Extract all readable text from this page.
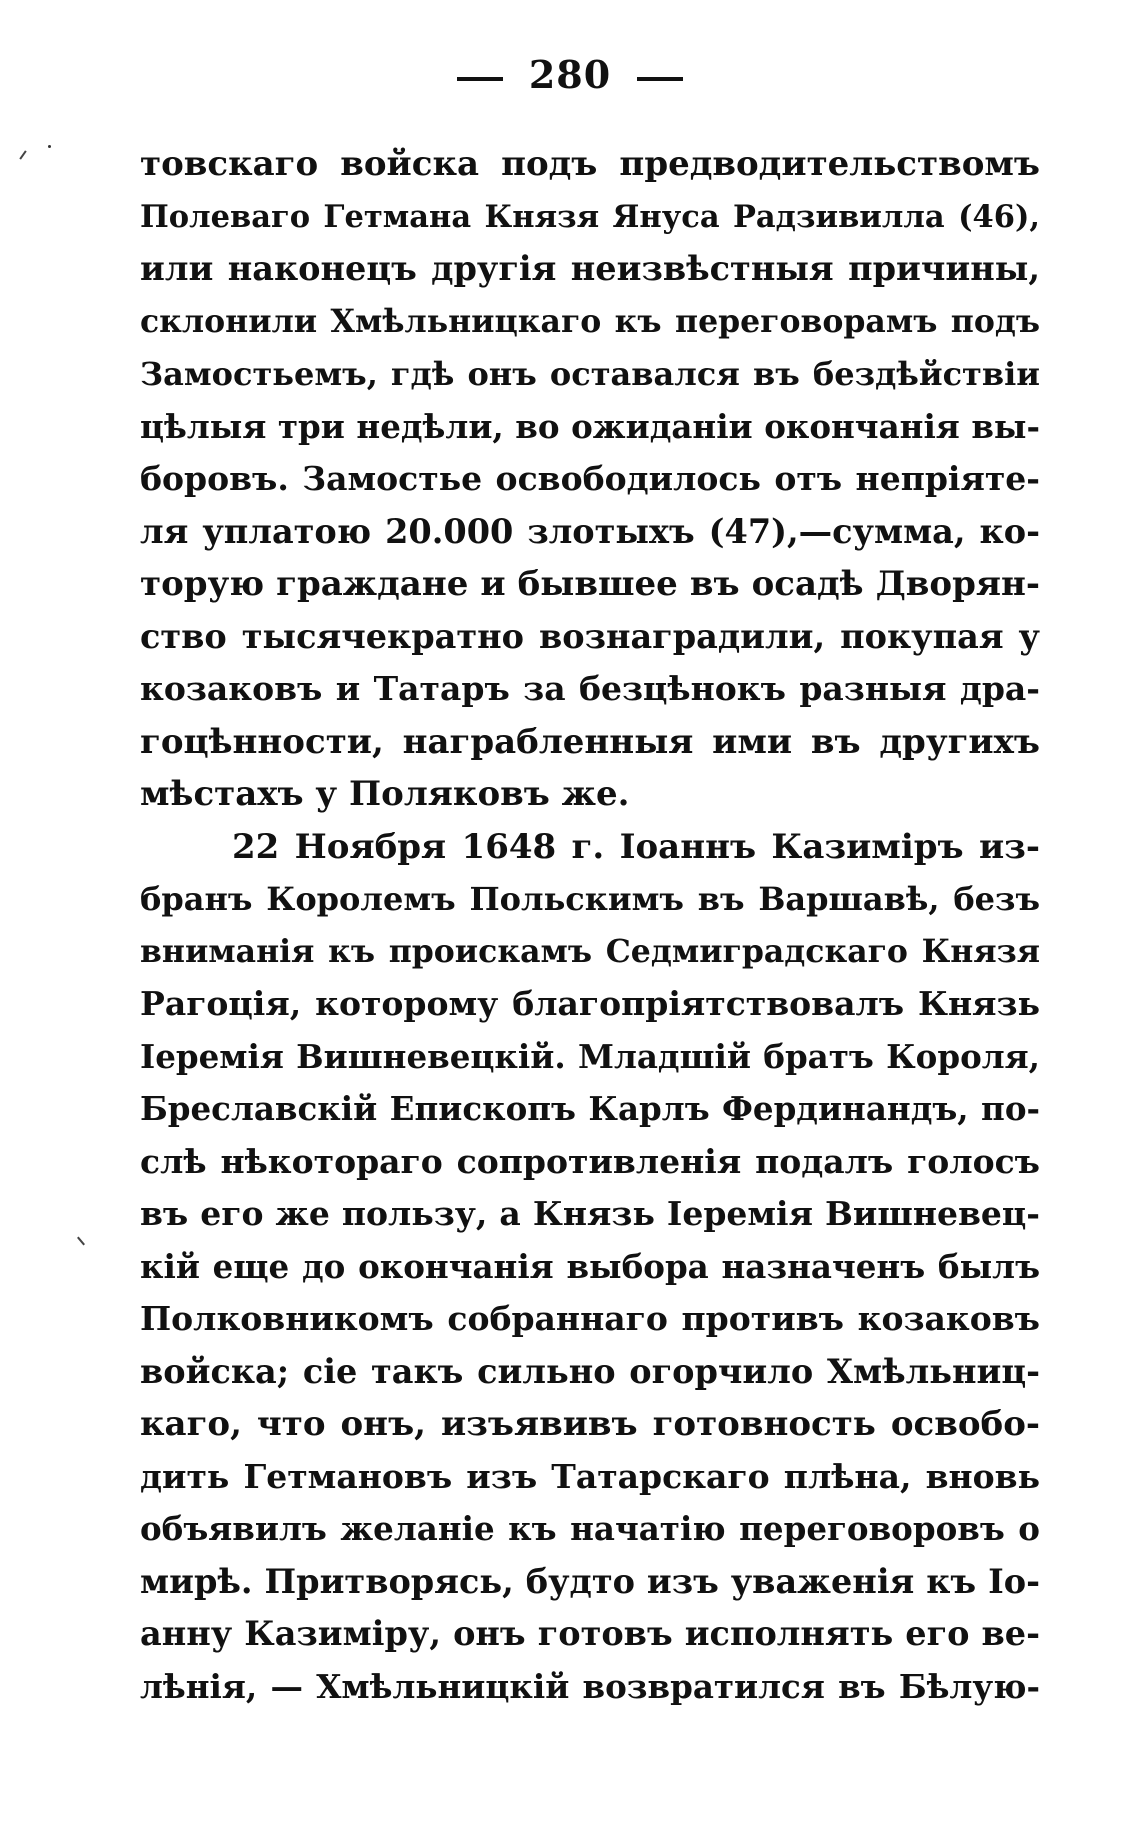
280
товскаго войска подъ предводительствомъ
Полеваго Гетмана Князя Януса Радзивилла (46),
или наконецъ другія неизвѣстныя причины,
склонили Хмѣльницкаго къ переговорамъ подъ
Замостьемъ, гдѣ онъ оставался въ бездѣйствіи
цѣлыя три недѣли, во ожиданіи окончанія вы-
боровъ. Замостье освободилось отъ непріяте-
ля уплатою 20.000 злотыхъ (47),—сумма, ко-
торую граждане и бывшее въ осадѣ Дворян-
ство тысячекратно вознаградили, покупая у
козаковъ и Татаръ за безцѣнокъ разныя дра-
гоцѣнности, награбленныя ими въ другихъ
мѣстахъ у Поляковъ же.
22 Ноября 1648 г. Іоаннъ Казиміръ из-
бранъ Королемъ Польскимъ въ Варшавѣ, безъ
вниманія къ проискамъ Седмиградскаго Князя
Рагоція, которому благопріятствовалъ Князь
Іеремія Вишневецкій. Младшій братъ Короля,
Бреславскій Епископъ Карлъ Фердинандъ, по-
слѣ нѣкотораго сопротивленія подалъ голосъ
въ его же пользу, а Князь Іеремія Вишневец-
кій еще до окончанія выбора назначенъ былъ
Полковникомъ собраннаго противъ козаковъ
войска; сіе такъ сильно огорчило Хмѣльниц-
каго, что онъ, изъявивъ готовность освобо-
дить Гетмановъ изъ Татарскаго плѣна, вновь
объявилъ желаніе къ начатію переговоровъ о
мирѣ. Притворясь, будто изъ уваженія къ Іо-
анну Казиміру, онъ готовъ исполнять его ве-
лѣнія, — Хмѣльницкій возвратился въ Бѣлую-
